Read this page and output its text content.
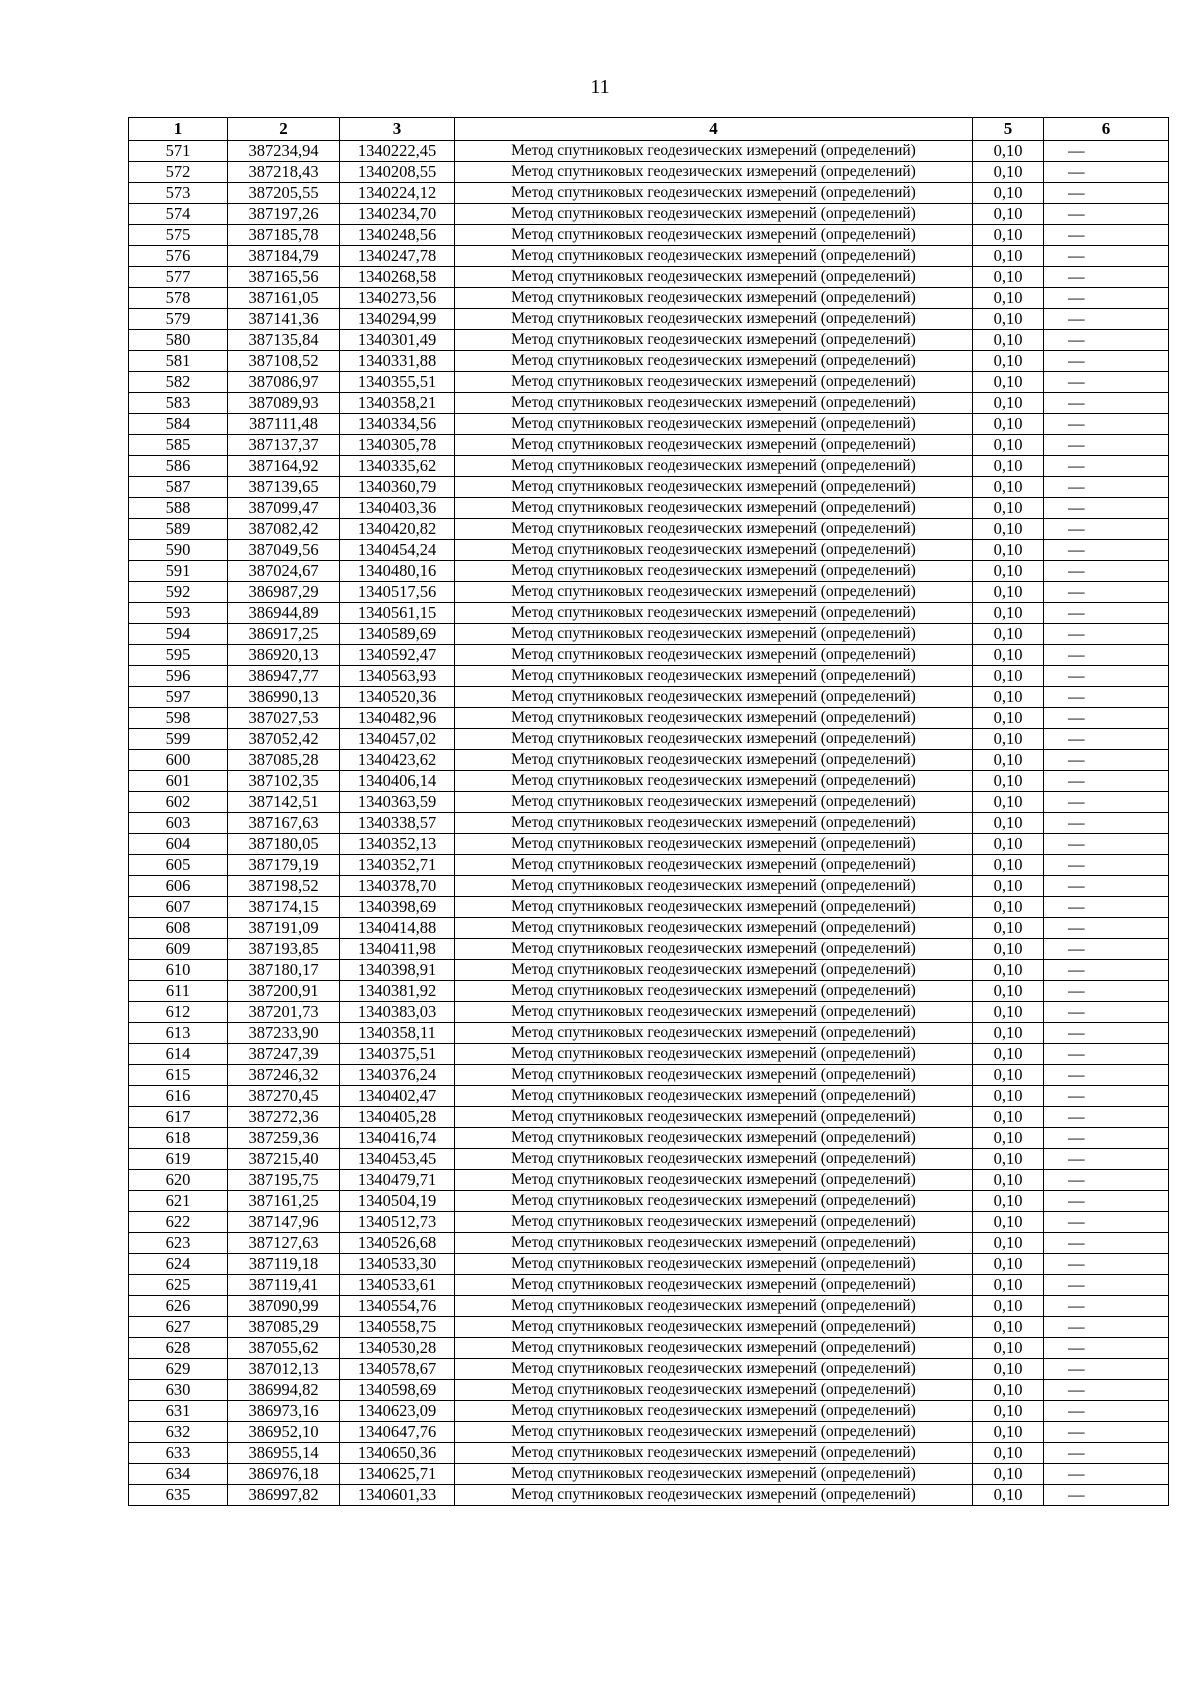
11
1	2	3	4	5	6
571	387234,94	1340222,45	Метод спутниковых геодезических измерений (определений)	0,10	—
572	387218,43	1340208,55	Метод спутниковых геодезических измерений (определений)	0,10	—
573	387205,55	1340224,12	Метод спутниковых геодезических измерений (определений)	0,10	—
574	387197,26	1340234,70	Метод спутниковых геодезических измерений (определений)	0,10	—
575	387185,78	1340248,56	Метод спутниковых геодезических измерений (определений)	0,10	—
576	387184,79	1340247,78	Метод спутниковых геодезических измерений (определений)	0,10	—
577	387165,56	1340268,58	Метод спутниковых геодезических измерений (определений)	0,10	—
578	387161,05	1340273,56	Метод спутниковых геодезических измерений (определений)	0,10	—
579	387141,36	1340294,99	Метод спутниковых геодезических измерений (определений)	0,10	—
580	387135,84	1340301,49	Метод спутниковых геодезических измерений (определений)	0,10	—
581	387108,52	1340331,88	Метод спутниковых геодезических измерений (определений)	0,10	—
582	387086,97	1340355,51	Метод спутниковых геодезических измерений (определений)	0,10	—
583	387089,93	1340358,21	Метод спутниковых геодезических измерений (определений)	0,10	—
584	387111,48	1340334,56	Метод спутниковых геодезических измерений (определений)	0,10	—
585	387137,37	1340305,78	Метод спутниковых геодезических измерений (определений)	0,10	—
586	387164,92	1340335,62	Метод спутниковых геодезических измерений (определений)	0,10	—
587	387139,65	1340360,79	Метод спутниковых геодезических измерений (определений)	0,10	—
588	387099,47	1340403,36	Метод спутниковых геодезических измерений (определений)	0,10	—
589	387082,42	1340420,82	Метод спутниковых геодезических измерений (определений)	0,10	—
590	387049,56	1340454,24	Метод спутниковых геодезических измерений (определений)	0,10	—
591	387024,67	1340480,16	Метод спутниковых геодезических измерений (определений)	0,10	—
592	386987,29	1340517,56	Метод спутниковых геодезических измерений (определений)	0,10	—
593	386944,89	1340561,15	Метод спутниковых геодезических измерений (определений)	0,10	—
594	386917,25	1340589,69	Метод спутниковых геодезических измерений (определений)	0,10	—
595	386920,13	1340592,47	Метод спутниковых геодезических измерений (определений)	0,10	—
596	386947,77	1340563,93	Метод спутниковых геодезических измерений (определений)	0,10	—
597	386990,13	1340520,36	Метод спутниковых геодезических измерений (определений)	0,10	—
598	387027,53	1340482,96	Метод спутниковых геодезических измерений (определений)	0,10	—
599	387052,42	1340457,02	Метод спутниковых геодезических измерений (определений)	0,10	—
600	387085,28	1340423,62	Метод спутниковых геодезических измерений (определений)	0,10	—
601	387102,35	1340406,14	Метод спутниковых геодезических измерений (определений)	0,10	—
602	387142,51	1340363,59	Метод спутниковых геодезических измерений (определений)	0,10	—
603	387167,63	1340338,57	Метод спутниковых геодезических измерений (определений)	0,10	—
604	387180,05	1340352,13	Метод спутниковых геодезических измерений (определений)	0,10	—
605	387179,19	1340352,71	Метод спутниковых геодезических измерений (определений)	0,10	—
606	387198,52	1340378,70	Метод спутниковых геодезических измерений (определений)	0,10	—
607	387174,15	1340398,69	Метод спутниковых геодезических измерений (определений)	0,10	—
608	387191,09	1340414,88	Метод спутниковых геодезических измерений (определений)	0,10	—
609	387193,85	1340411,98	Метод спутниковых геодезических измерений (определений)	0,10	—
610	387180,17	1340398,91	Метод спутниковых геодезических измерений (определений)	0,10	—
611	387200,91	1340381,92	Метод спутниковых геодезических измерений (определений)	0,10	—
612	387201,73	1340383,03	Метод спутниковых геодезических измерений (определений)	0,10	—
613	387233,90	1340358,11	Метод спутниковых геодезических измерений (определений)	0,10	—
614	387247,39	1340375,51	Метод спутниковых геодезических измерений (определений)	0,10	—
615	387246,32	1340376,24	Метод спутниковых геодезических измерений (определений)	0,10	—
616	387270,45	1340402,47	Метод спутниковых геодезических измерений (определений)	0,10	—
617	387272,36	1340405,28	Метод спутниковых геодезических измерений (определений)	0,10	—
618	387259,36	1340416,74	Метод спутниковых геодезических измерений (определений)	0,10	—
619	387215,40	1340453,45	Метод спутниковых геодезических измерений (определений)	0,10	—
620	387195,75	1340479,71	Метод спутниковых геодезических измерений (определений)	0,10	—
621	387161,25	1340504,19	Метод спутниковых геодезических измерений (определений)	0,10	—
622	387147,96	1340512,73	Метод спутниковых геодезических измерений (определений)	0,10	—
623	387127,63	1340526,68	Метод спутниковых геодезических измерений (определений)	0,10	—
624	387119,18	1340533,30	Метод спутниковых геодезических измерений (определений)	0,10	—
625	387119,41	1340533,61	Метод спутниковых геодезических измерений (определений)	0,10	—
626	387090,99	1340554,76	Метод спутниковых геодезических измерений (определений)	0,10	—
627	387085,29	1340558,75	Метод спутниковых геодезических измерений (определений)	0,10	—
628	387055,62	1340530,28	Метод спутниковых геодезических измерений (определений)	0,10	—
629	387012,13	1340578,67	Метод спутниковых геодезических измерений (определений)	0,10	—
630	386994,82	1340598,69	Метод спутниковых геодезических измерений (определений)	0,10	—
631	386973,16	1340623,09	Метод спутниковых геодезических измерений (определений)	0,10	—
632	386952,10	1340647,76	Метод спутниковых геодезических измерений (определений)	0,10	—
633	386955,14	1340650,36	Метод спутниковых геодезических измерений (определений)	0,10	—
634	386976,18	1340625,71	Метод спутниковых геодезических измерений (определений)	0,10	—
635	386997,82	1340601,33	Метод спутниковых геодезических измерений (определений)	0,10	—
